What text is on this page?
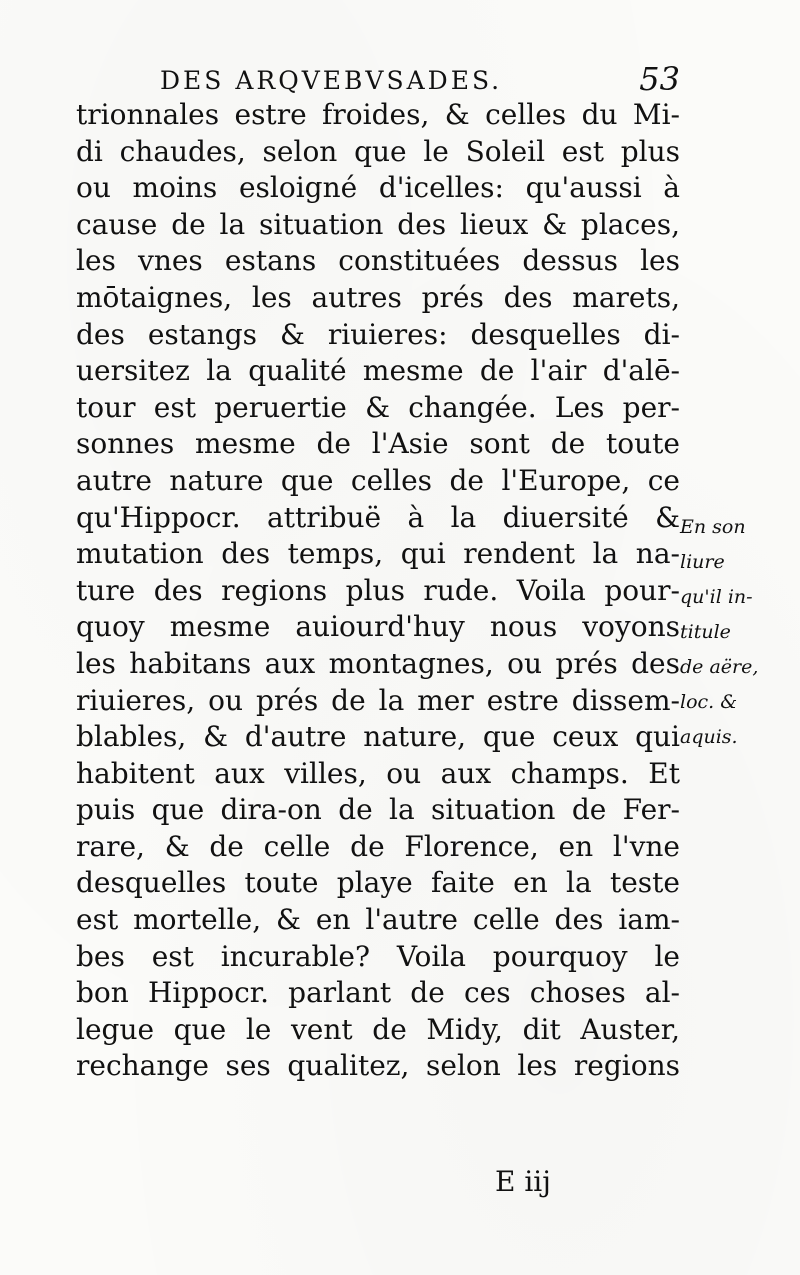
DES ARQVEBVSADES.	53
trionnales estre froides, & celles du Mi-
di chaudes, selon que le Soleil est plus
ou moins esloigné d'icelles: qu'aussi à
cause de la situation des lieux & places,
les vnes estans constituées dessus les
mōtaignes, les autres prés des marets,
des estangs & riuieres: desquelles di-
uersitez la qualité mesme de l'air d'alē-
tour est peruertie & changée. Les per-
sonnes mesme de l'Asie sont de toute
autre nature que celles de l'Europe, ce
qu'Hippocr. attribuë à la diuersité &
mutation des temps, qui rendent la na-
ture des regions plus rude. Voila pour-
quoy mesme auiourd'huy nous voyons
les habitans aux montagnes, ou prés des
riuieres, ou prés de la mer estre dissem-
blables, & d'autre nature, que ceux qui
habitent aux villes, ou aux champs. Et
puis que dira-on de la situation de Fer-
rare, & de celle de Florence, en l'vne
desquelles toute playe faite en la teste
est mortelle, & en l'autre celle des iam-
bes est incurable? Voila pourquoy le
bon Hippocr. parlant de ces choses al-
legue que le vent de Midy, dit Auster,
rechange ses qualitez, selon les regions
En son
liure
qu'il in-
titule
de aëre,
loc. &
aquis.
E iij
